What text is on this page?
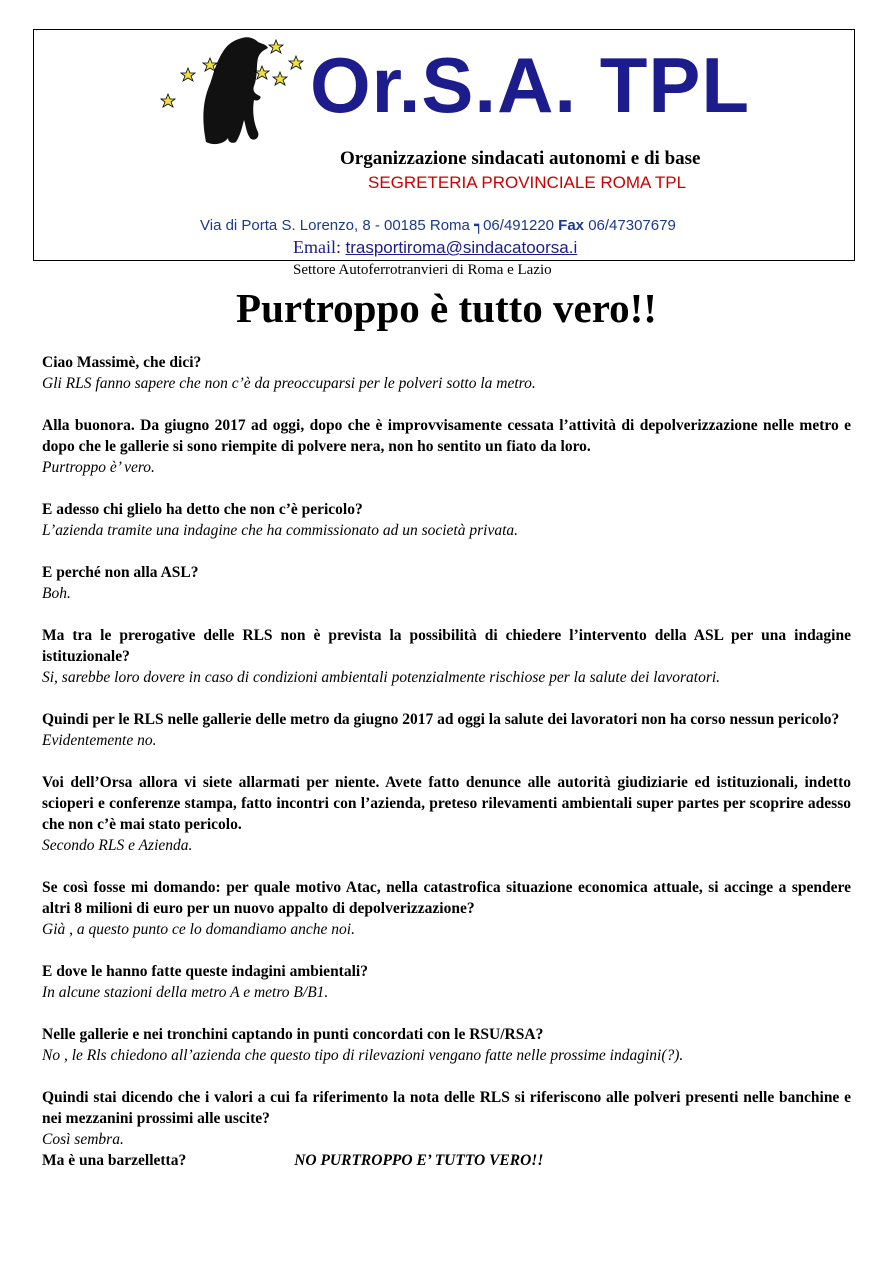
Or.S.A. TPL
Organizzazione sindacati autonomi e di base
SEGRETERIA PROVINCIALE ROMA TPL
Via di Porta S. Lorenzo, 8 - 00185 Roma ┑06/491220 Fax 06/47307679
Email: trasportiroma@sindacatoorsa.i
Settore Autoferrotranvieri di Roma e Lazio
Purtroppo è tutto vero!!
Ciao Massimè, che dici?
Gli RLS fanno sapere che non c’è da preoccuparsi per le polveri sotto la metro.
Alla buonora. Da giugno 2017 ad oggi, dopo che è improvvisamente cessata l’attività di depolverizzazione nelle metro e dopo che le gallerie si sono riempite di polvere nera, non ho sentito un fiato da loro.
Purtroppo è’ vero.
E adesso chi glielo ha detto che non c’è pericolo?
L’azienda tramite una indagine che ha commissionato ad un società privata.
E perché non alla ASL?
Boh.
Ma tra le prerogative delle RLS non è prevista la possibilità di chiedere l’intervento della ASL per una indagine istituzionale?
Si, sarebbe loro dovere in caso di condizioni ambientali potenzialmente rischiose per la salute dei lavoratori.
Quindi per le RLS nelle gallerie delle metro da giugno 2017 ad oggi la salute dei lavoratori non ha corso nessun pericolo?
Evidentemente no.
Voi dell’Orsa allora vi siete allarmati per niente. Avete fatto denunce alle autorità giudiziarie ed istituzionali, indetto scioperi e conferenze stampa, fatto incontri con l’azienda, preteso rilevamenti ambientali super partes per scoprire adesso che non c’è mai stato pericolo.
Secondo RLS e Azienda.
Se così fosse mi domando: per quale motivo Atac, nella catastrofica situazione economica attuale, si accinge a spendere altri 8 milioni di euro per un nuovo appalto di depolverizzazione?
Già , a questo punto ce lo domandiamo anche noi.
E dove le hanno fatte queste indagini ambientali?
In alcune stazioni della metro A e metro B/B1.
Nelle gallerie e nei tronchini captando in punti concordati con le RSU/RSA?
No , le Rls chiedono all’azienda che questo tipo di rilevazioni vengano fatte nelle prossime indagini(?).
Quindi stai dicendo che i valori a cui fa riferimento la nota delle RLS si riferiscono alle polveri presenti nelle banchine e nei mezzanini prossimi alle uscite?
Così sembra.

Ma è una barzelletta?	NO PURTROPPO E’ TUTTO VERO!!
